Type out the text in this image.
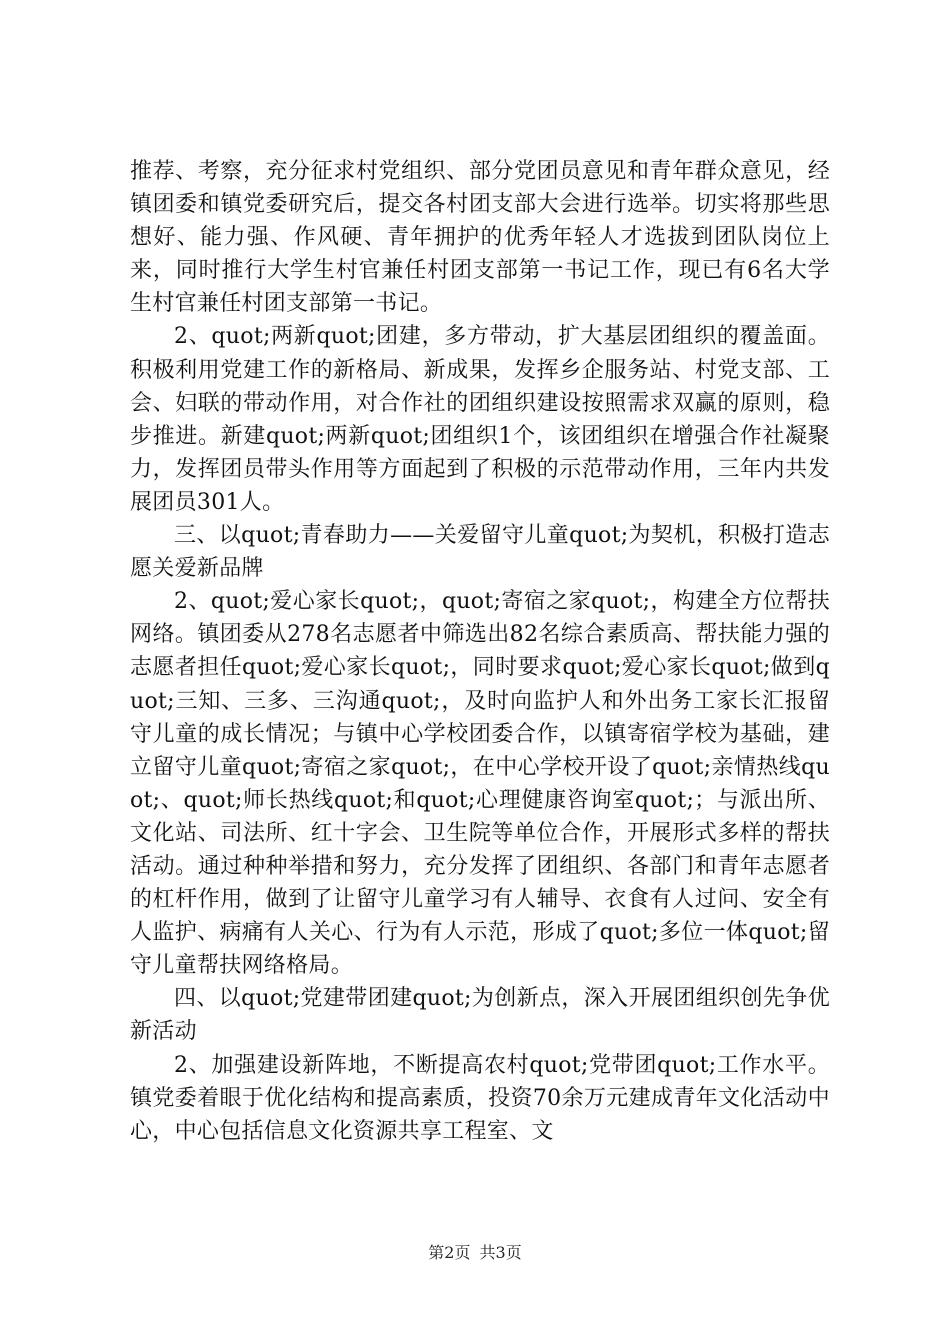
推荐、考察，充分征求村党组织、部分党团员意见和青年群众意见，经镇团委和镇党委研究后，提交各村团支部大会进行选举。切实将那些思想好、能力强、作风硬、青年拥护的优秀年轻人才选拔到团队岗位上来，同时推行大学生村官兼任村团支部第一书记工作，现已有6名大学生村官兼任村团支部第一书记。

2、quot;两新quot;团建，多方带动，扩大基层团组织的覆盖面。积极利用党建工作的新格局、新成果，发挥乡企服务站、村党支部、工会、妇联的带动作用，对合作社的团组织建设按照需求双赢的原则，稳步推进。新建quot;两新quot;团组织1个，该团组织在增强合作社凝聚力，发挥团员带头作用等方面起到了积极的示范带动作用，三年内共发展团员301人。

三、以quot;青春助力——关爱留守儿童quot;为契机，积极打造志愿关爱新品牌

2、quot;爱心家长quot;，quot;寄宿之家quot;，构建全方位帮扶网络。镇团委从278名志愿者中筛选出82名综合素质高、帮扶能力强的志愿者担任quot;爱心家长quot;，同时要求quot;爱心家长quot;做到quot;三知、三多、三沟通quot;，及时向监护人和外出务工家长汇报留守儿童的成长情况；与镇中心学校团委合作，以镇寄宿学校为基础，建立留守儿童quot;寄宿之家quot;，在中心学校开设了quot;亲情热线quot;、quot;师长热线quot;和quot;心理健康咨询室quot;；与派出所、文化站、司法所、红十字会、卫生院等单位合作，开展形式多样的帮扶活动。通过种种举措和努力，充分发挥了团组织、各部门和青年志愿者的杠杆作用，做到了让留守儿童学习有人辅导、衣食有人过问、安全有人监护、病痛有人关心、行为有人示范，形成了quot;多位一体quot;留守儿童帮扶网络格局。

四、以quot;党建带团建quot;为创新点，深入开展团组织创先争优新活动

2、加强建设新阵地，不断提高农村quot;党带团quot;工作水平。镇党委着眼于优化结构和提高素质，投资70余万元建成青年文化活动中心，中心包括信息文化资源共享工程室、文

第2页 共3页
